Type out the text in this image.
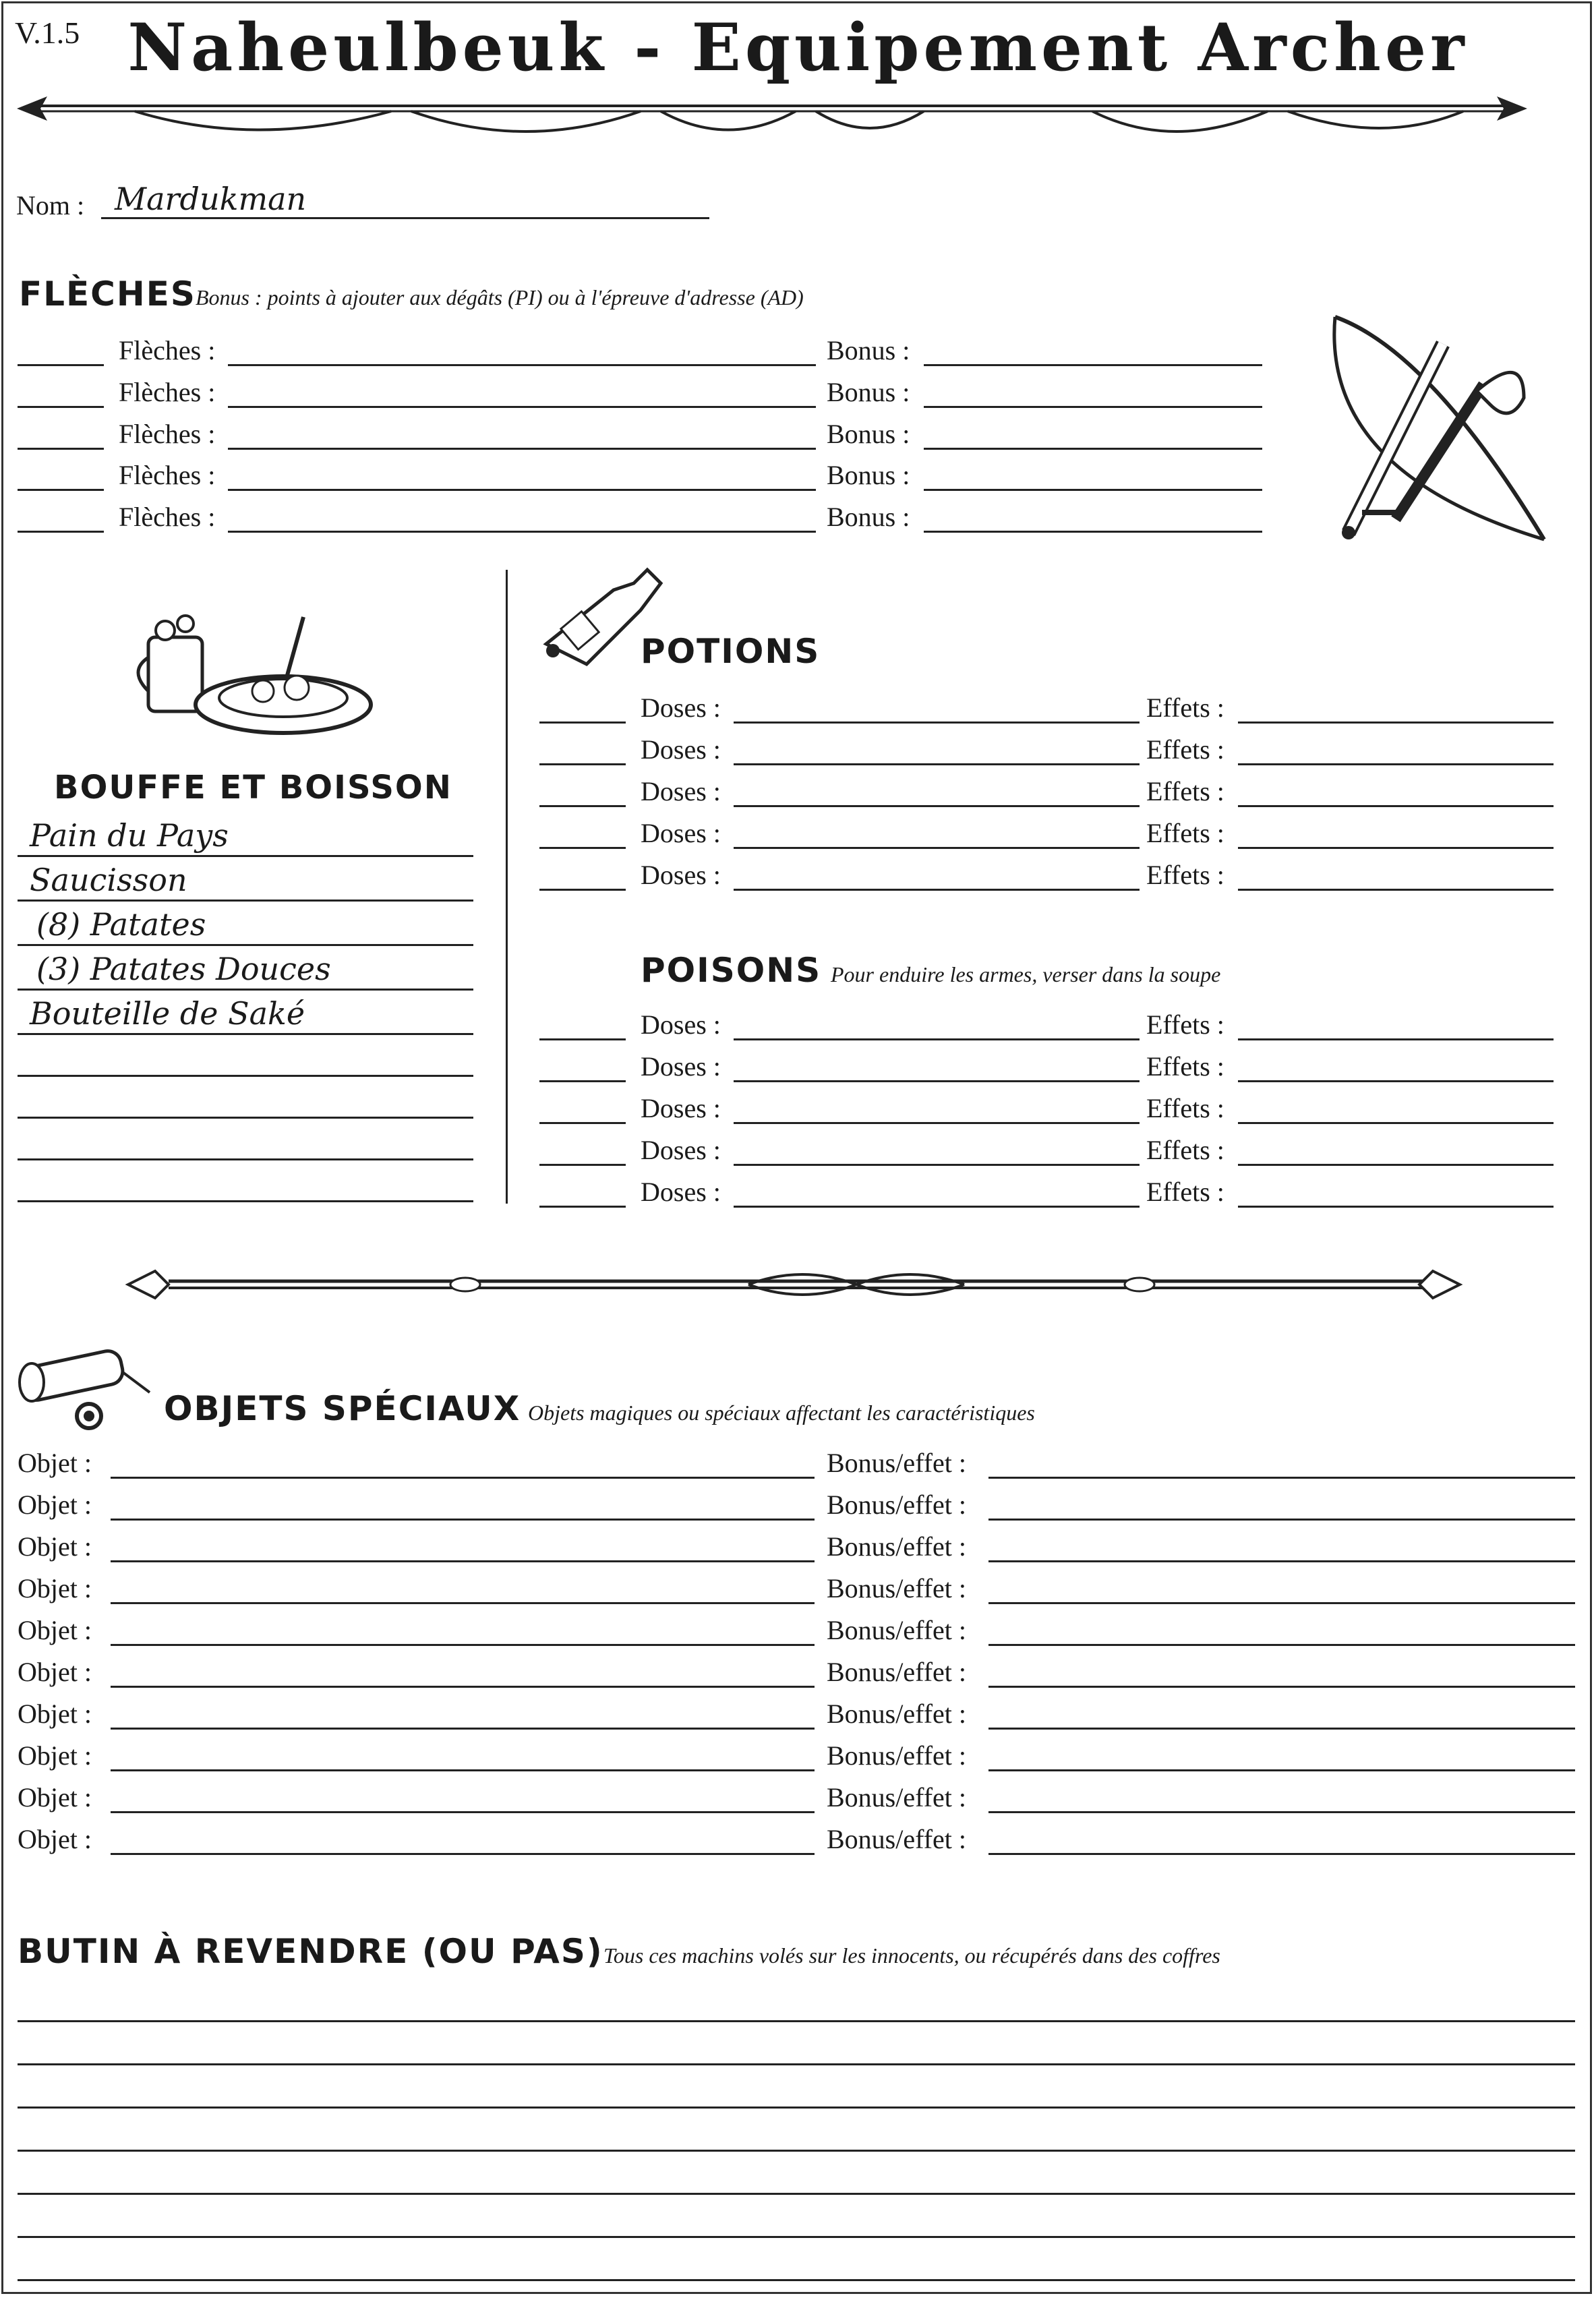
V.1.5 Naheulbeuk - Equipement Archer
Nom : Mardukman
FLÈCHES Bonus : points à ajouter aux dégâts (PI) ou à l'épreuve d'adresse (AD)
Flèches :	Bonus :
Flèches :	Bonus :
Flèches :	Bonus :
Flèches :	Bonus :
Flèches :	Bonus :
BOUFFE ET BOISSON
Pain du Pays
Saucisson
(8) Patates
(3) Patates Douces
Bouteille de Saké
POTIONS
Doses :	Effets :
Doses :	Effets :
Doses :	Effets :
Doses :	Effets :
Doses :	Effets :
POISONS Pour enduire les armes, verser dans la soupe
Doses :	Effets :
Doses :	Effets :
Doses :	Effets :
Doses :	Effets :
Doses :	Effets :
OBJETS SPÉCIAUX Objets magiques ou spéciaux affectant les caractéristiques
Objet :	Bonus/effet :
Objet :	Bonus/effet :
Objet :	Bonus/effet :
Objet :	Bonus/effet :
Objet :	Bonus/effet :
Objet :	Bonus/effet :
Objet :	Bonus/effet :
Objet :	Bonus/effet :
Objet :	Bonus/effet :
Objet :	Bonus/effet :
BUTIN À REVENDRE (OU PAS) Tous ces machins volés sur les innocents, ou récupérés dans des coffres
